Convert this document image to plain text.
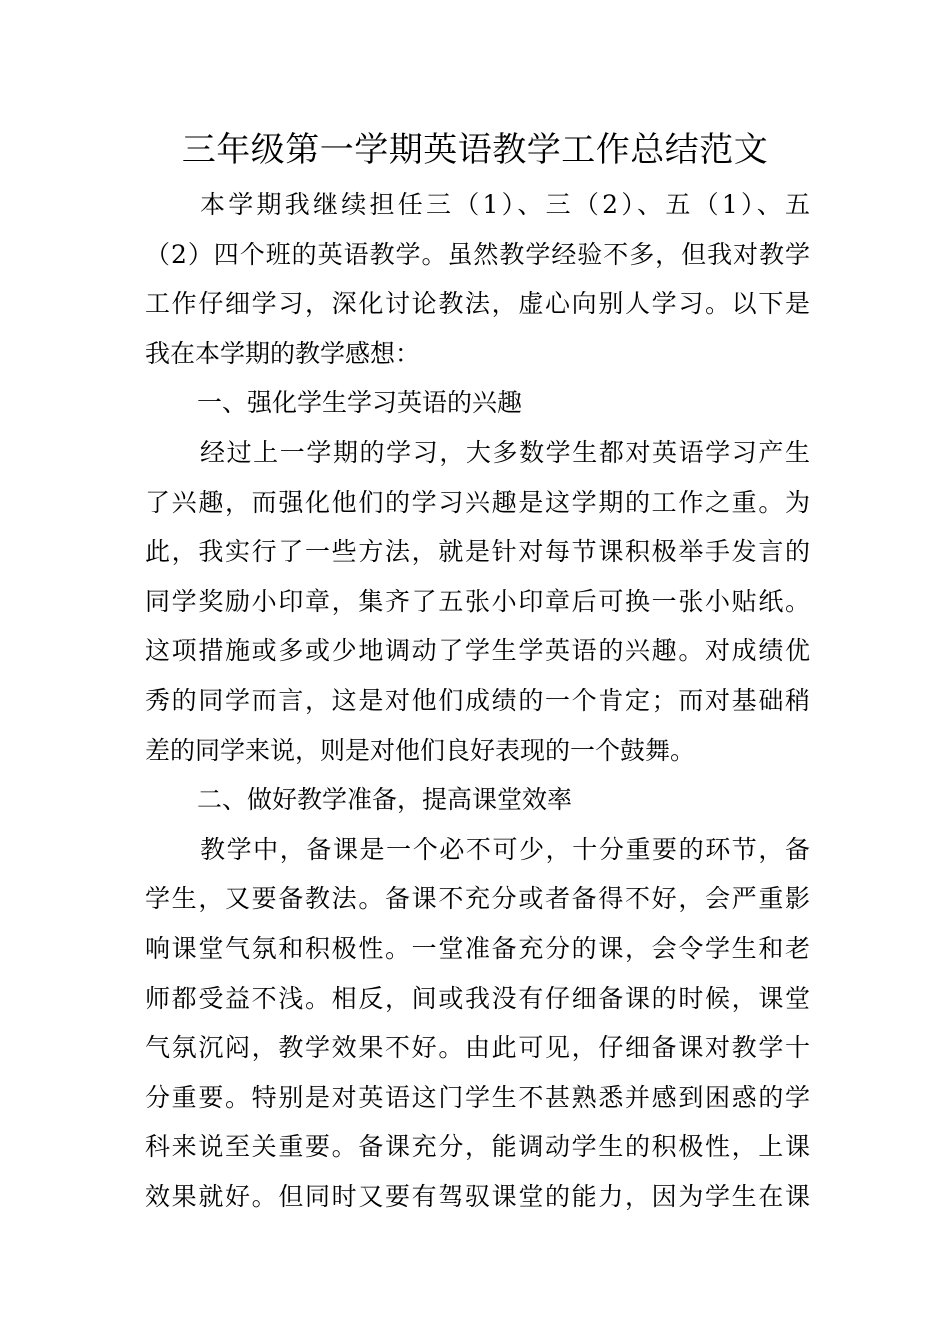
三年级第一学期英语教学工作总结范文
本学期我继续担任三（1）、三（2）、五（1）、五
（2）四个班的英语教学。虽然教学经验不多，但我对教学
工作仔细学习，深化讨论教法，虚心向别人学习。以下是
我在本学期的教学感想：
一、强化学生学习英语的兴趣
经过上一学期的学习，大多数学生都对英语学习产生
了兴趣，而强化他们的学习兴趣是这学期的工作之重。为
此，我实行了一些方法，就是针对每节课积极举手发言的
同学奖励小印章，集齐了五张小印章后可换一张小贴纸。
这项措施或多或少地调动了学生学英语的兴趣。对成绩优
秀的同学而言，这是对他们成绩的一个肯定；而对基础稍
差的同学来说，则是对他们良好表现的一个鼓舞。
二、做好教学准备，提高课堂效率
教学中，备课是一个必不可少，十分重要的环节，备
学生，又要备教法。备课不充分或者备得不好，会严重影
响课堂气氛和积极性。一堂准备充分的课，会令学生和老
师都受益不浅。相反，间或我没有仔细备课的时候，课堂
气氛沉闷，教学效果不好。由此可见，仔细备课对教学十
分重要。特别是对英语这门学生不甚熟悉并感到困惑的学
科来说至关重要。备课充分，能调动学生的积极性，上课
效果就好。但同时又要有驾驭课堂的能力，因为学生在课
